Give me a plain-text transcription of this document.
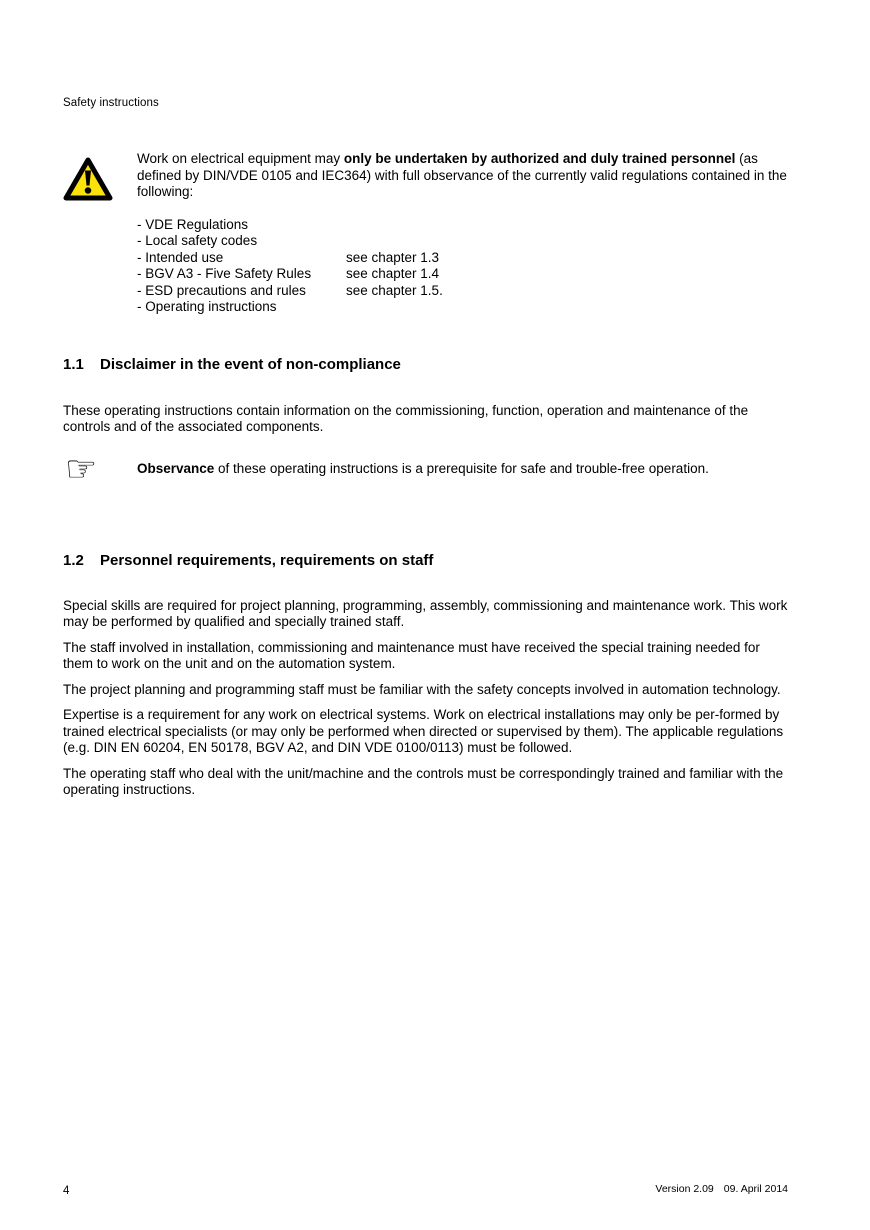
Safety instructions

Work on electrical equipment may only be undertaken by authorized and duly trained personnel (as defined by DIN/VDE 0105 and IEC364) with full observance of the currently valid regulations contained in the following:

- VDE Regulations
- Local safety codes
- Intended use	see chapter 1.3
- BGV A3 - Five Safety Rules	see chapter 1.4
- ESD precautions and rules	see chapter 1.5.
- Operating instructions
1.1	Disclaimer in the event of non-compliance

These operating instructions contain information on the commissioning, function, operation and maintenance of the controls and of the associated components.

☞	Observance of these operating instructions is a prerequisite for safe and trouble-free operation.

1.2	Personnel requirements, requirements on staff

Special skills are required for project planning, programming, assembly, commissioning and maintenance work. This work may be performed by qualified and specially trained staff.

The staff involved in installation, commissioning and maintenance must have received the special training needed for them to work on the unit and on the automation system.

The project planning and programming staff must be familiar with the safety concepts involved in automation technology.

Expertise is a requirement for any work on electrical systems. Work on electrical installations may only be per-formed by trained electrical specialists (or may only be performed when directed or supervised by them). The applicable regulations (e.g. DIN EN 60204, EN 50178, BGV A2, and DIN VDE 0100/0113) must be followed.

The operating staff who deal with the unit/machine and the controls must be correspondingly trained and familiar with the operating instructions.

4	Version 2.09 09. April 2014
